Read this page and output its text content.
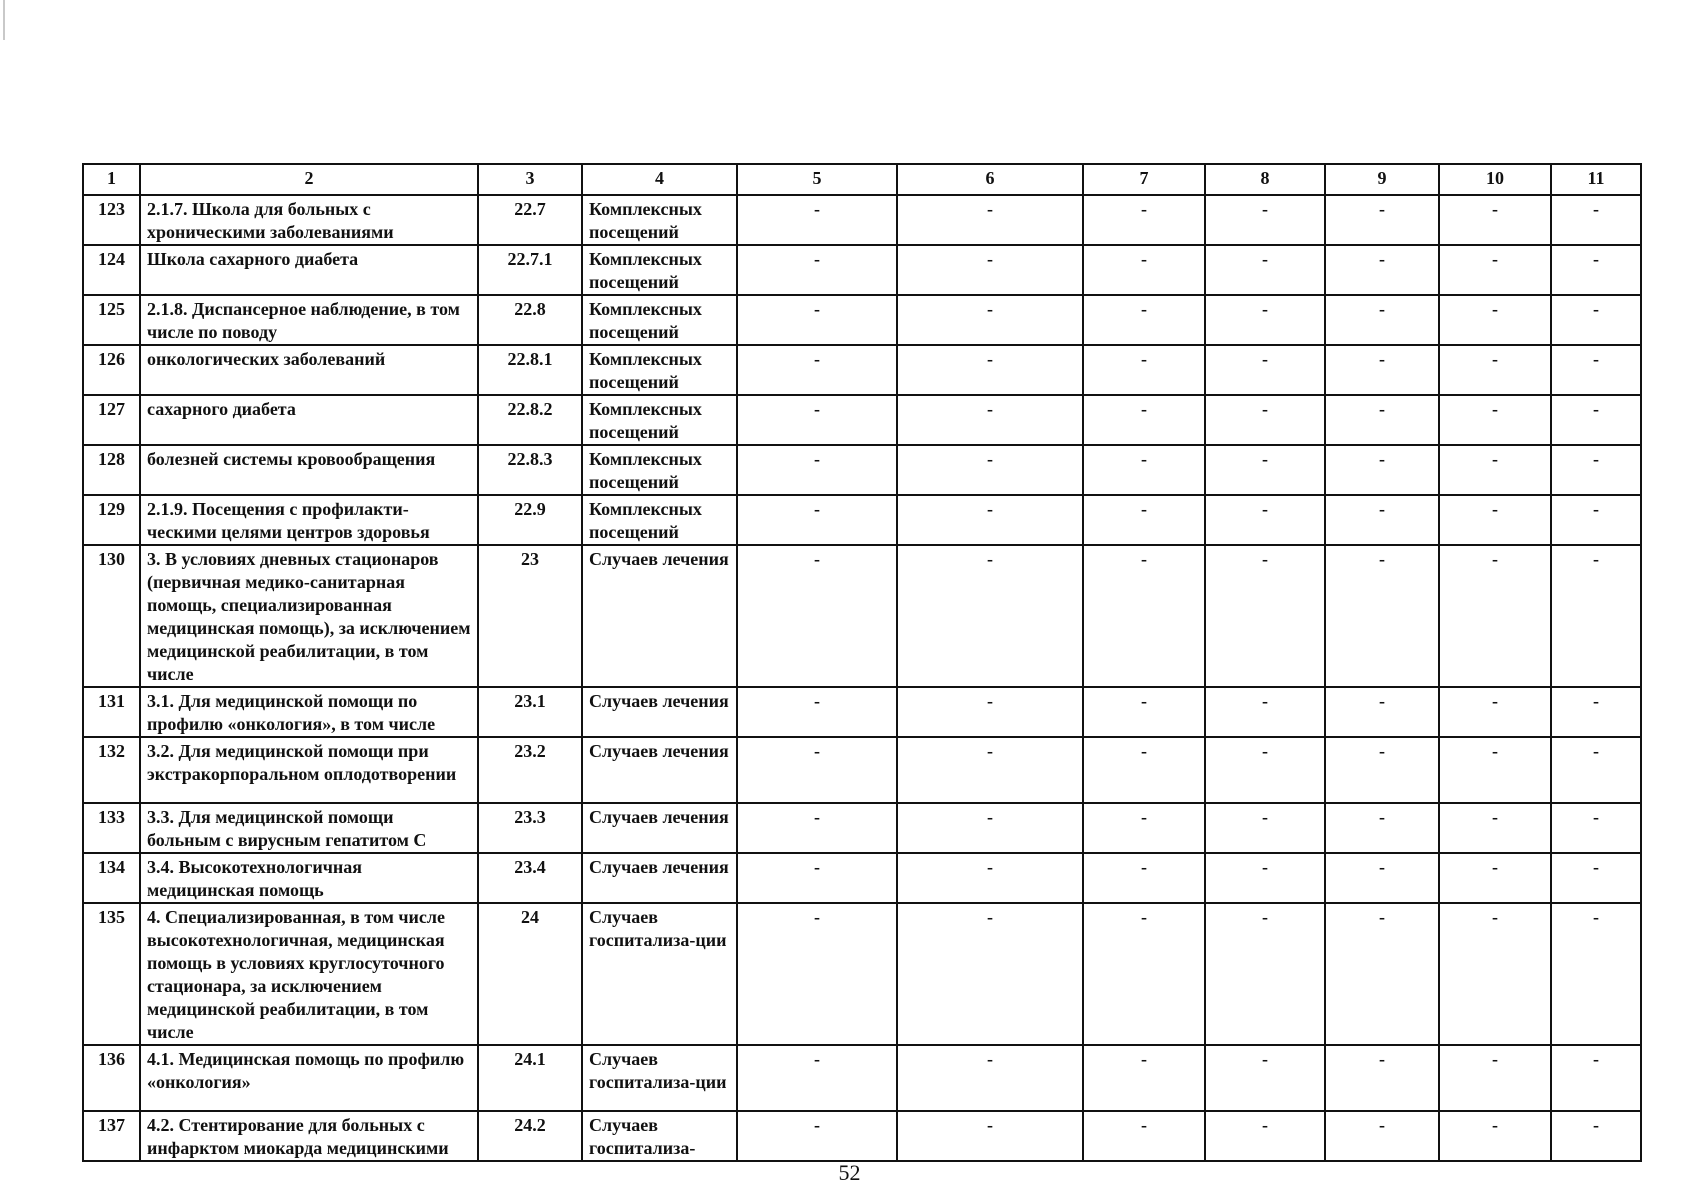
1	2	3	4	5	6	7	8	9	10	11
123	2.1.7. Школа для больных с хроническими заболеваниями	22.7	Комплексных посещений	-	-	-	-	-	-	-
124	Школа сахарного диабета	22.7.1	Комплексных посещений	-	-	-	-	-	-	-
125	2.1.8. Диспансерное наблюдение, в том числе по поводу	22.8	Комплексных посещений	-	-	-	-	-	-	-
126	онкологических заболеваний	22.8.1	Комплексных посещений	-	-	-	-	-	-	-
127	сахарного диабета	22.8.2	Комплексных посещений	-	-	-	-	-	-	-
128	болезней системы кровообращения	22.8.3	Комплексных посещений	-	-	-	-	-	-	-
129	2.1.9. Посещения с профилакти-ческими целями центров здоровья	22.9	Комплексных посещений	-	-	-	-	-	-	-
130	3. В условиях дневных стационаров (первичная медико-санитарная помощь, специализированная медицинская помощь), за исключением медицинской реабилитации, в том числе	23	Случаев лечения	-	-	-	-	-	-	-
131	3.1. Для медицинской помощи по профилю «онкология», в том числе	23.1	Случаев лечения	-	-	-	-	-	-	-
132	3.2. Для медицинской помощи при экстракорпоральном оплодотворении	23.2	Случаев лечения	-	-	-	-	-	-	-
133	3.3. Для медицинской помощи больным с вирусным гепатитом С	23.3	Случаев лечения	-	-	-	-	-	-	-
134	3.4. Высокотехнологичная медицинская помощь	23.4	Случаев лечения	-	-	-	-	-	-	-
135	4. Специализированная, в том числе высокотехнологичная, медицинская помощь в условиях круглосуточного стационара, за исключением медицинской реабилитации, в том числе	24	Случаев госпитализа-ции	-	-	-	-	-	-	-
136	4.1. Медицинская помощь по профилю «онкология»	24.1	Случаев госпитализа-ции	-	-	-	-	-	-	-
137	4.2. Стентирование для больных с инфарктом миокарда медицинскими	24.2	Случаев госпитализа-	-	-	-	-	-	-	-
52
